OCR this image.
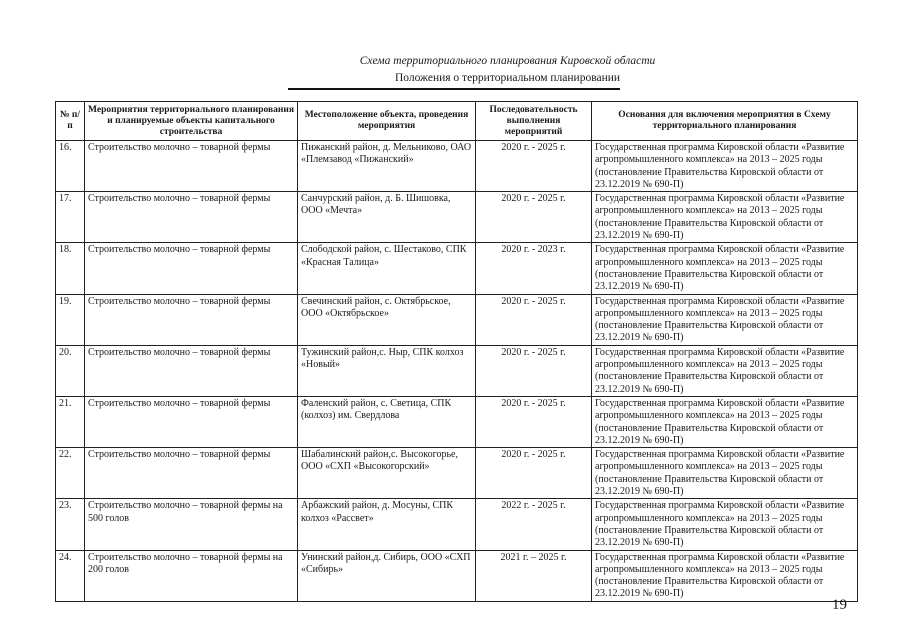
Схема территориального планирования Кировской области
Положения о территориальном планировании
№ п/п	Мероприятия территориального планирования и планируемые объекты капитального строительства	Местоположение объекта, проведения мероприятия	Последовательность выполнения мероприятий	Основания для включения мероприятия в Схему территориального планирования
16.	Строительство молочно – товарной фермы	Пижанский район, д. Мельниково, ОАО «Племзавод «Пижанский»	2020 г. - 2025 г.	Государственная программа Кировской области «Развитие агропромышленного комплекса» на 2013 – 2025 годы (постановление Правительства Кировской области от 23.12.2019 № 690-П)
17.	Строительство молочно – товарной фермы	Санчурский район, д. Б. Шишовка, ООО «Мечта»	2020 г. - 2025 г.	Государственная программа Кировской области «Развитие агропромышленного комплекса» на 2013 – 2025 годы (постановление Правительства Кировской области от 23.12.2019 № 690-П)
18.	Строительство молочно – товарной фермы	Слободской район, с. Шестаково, СПК «Красная Талица»	2020 г. - 2023 г.	Государственная программа Кировской области «Развитие агропромышленного комплекса» на 2013 – 2025 годы (постановление Правительства Кировской области от 23.12.2019 № 690-П)
19.	Строительство молочно – товарной фермы	Свечинский район, с. Октябрьское, ООО «Октябрьское»	2020 г. - 2025 г.	Государственная программа Кировской области «Развитие агропромышленного комплекса» на 2013 – 2025 годы (постановление Правительства Кировской области от 23.12.2019 № 690-П)
20.	Строительство молочно – товарной фермы	Тужинский район,с. Ныр, СПК колхоз «Новый»	2020 г. - 2025 г.	Государственная программа Кировской области «Развитие агропромышленного комплекса» на 2013 – 2025 годы (постановление Правительства Кировской области от 23.12.2019 № 690-П)
21.	Строительство молочно – товарной фермы	Фаленский район, с. Светица, СПК (колхоз) им. Свердлова	2020 г. - 2025 г.	Государственная программа Кировской области «Развитие агропромышленного комплекса» на 2013 – 2025 годы (постановление Правительства Кировской области от 23.12.2019 № 690-П)
22.	Строительство молочно – товарной фермы	Шабалинский район,с. Высокогорье, ООО «СХП «Высокогорский»	2020 г. - 2025 г.	Государственная программа Кировской области «Развитие агропромышленного комплекса» на 2013 – 2025 годы (постановление Правительства Кировской области от 23.12.2019 № 690-П)
23.	Строительство молочно – товарной фермы на 500 голов	Арбажский район, д. Мосуны, СПК колхоз «Рассвет»	2022 г. - 2025 г.	Государственная программа Кировской области «Развитие агропромышленного комплекса» на 2013 – 2025 годы (постановление Правительства Кировской области от 23.12.2019 № 690-П)
24.	Строительство молочно – товарной фермы на 200 голов	Унинский район,д. Сибирь, ООО «СХП «Сибирь»	2021 г. – 2025 г.	Государственная программа Кировской области «Развитие агропромышленного комплекса» на 2013 – 2025 годы (постановление Правительства Кировской области от 23.12.2019 № 690-П)
19
